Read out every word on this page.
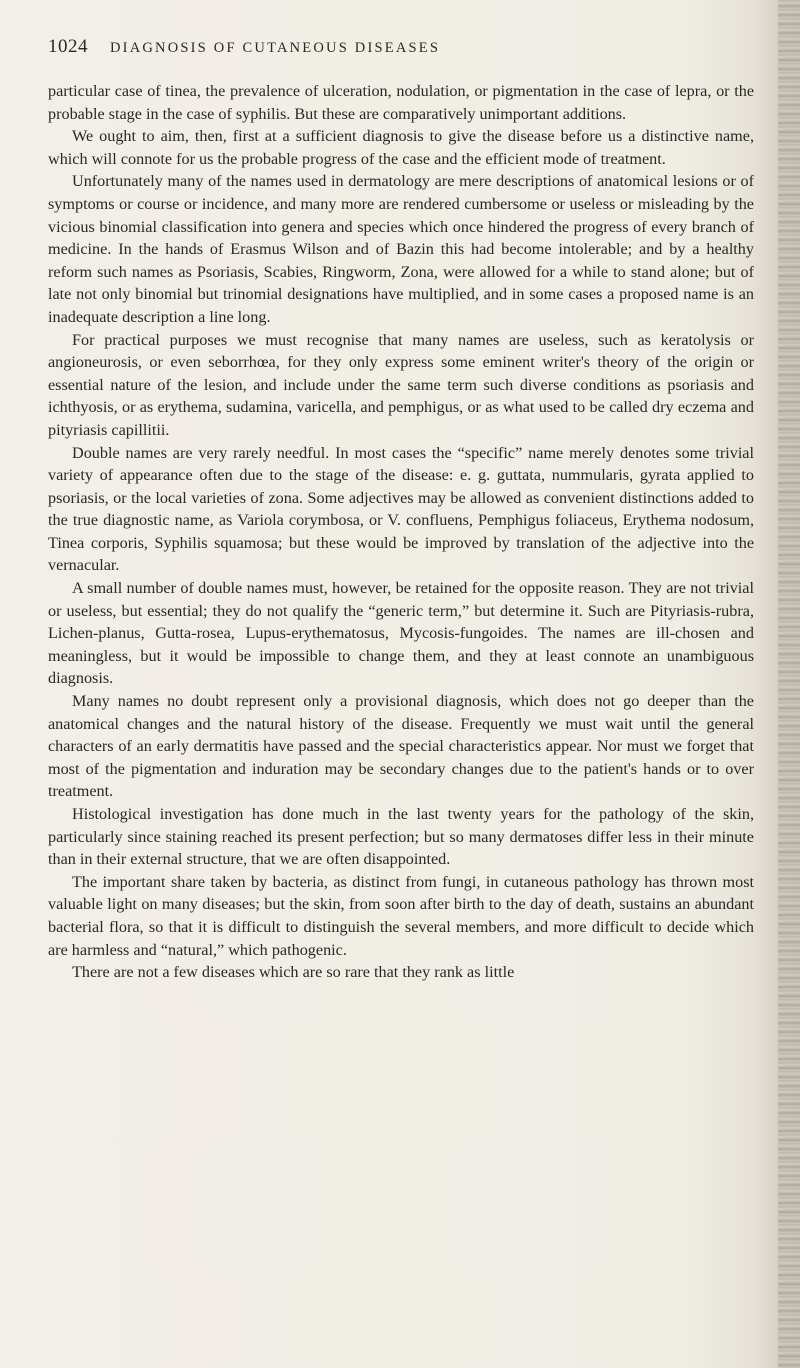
1024 DIAGNOSIS OF CUTANEOUS DISEASES

particular case of tinea, the prevalence of ulceration, nodulation, or pigmentation in the case of lepra, or the probable stage in the case of syphilis. But these are comparatively unimportant additions.

We ought to aim, then, first at a sufficient diagnosis to give the disease before us a distinctive name, which will connote for us the probable progress of the case and the efficient mode of treatment.

Unfortunately many of the names used in dermatology are mere descriptions of anatomical lesions or of symptoms or course or incidence, and many more are rendered cumbersome or useless or misleading by the vicious binomial classification into genera and species which once hindered the progress of every branch of medicine. In the hands of Erasmus Wilson and of Bazin this had become intolerable; and by a healthy reform such names as Psoriasis, Scabies, Ringworm, Zona, were allowed for a while to stand alone; but of late not only binomial but trinomial designations have multiplied, and in some cases a proposed name is an inadequate description a line long.

For practical purposes we must recognise that many names are useless, such as keratolysis or angioneurosis, or even seborrhœa, for they only express some eminent writer's theory of the origin or essential nature of the lesion, and include under the same term such diverse conditions as psoriasis and ichthyosis, or as erythema, sudamina, varicella, and pemphigus, or as what used to be called dry eczema and pityriasis capillitii.

Double names are very rarely needful. In most cases the “specific” name merely denotes some trivial variety of appearance often due to the stage of the disease: e. g. guttata, nummularis, gyrata applied to psoriasis, or the local varieties of zona. Some adjectives may be allowed as convenient distinctions added to the true diagnostic name, as Variola corymbosa, or V. confluens, Pemphigus foliaceus, Erythema nodosum, Tinea corporis, Syphilis squamosa; but these would be improved by translation of the adjective into the vernacular.

A small number of double names must, however, be retained for the opposite reason. They are not trivial or useless, but essential; they do not qualify the “generic term,” but determine it. Such are Pityriasis-rubra, Lichen-planus, Gutta-rosea, Lupus-erythematosus, Mycosis-fungoides. The names are ill-chosen and meaningless, but it would be impossible to change them, and they at least connote an unambiguous diagnosis.

Many names no doubt represent only a provisional diagnosis, which does not go deeper than the anatomical changes and the natural history of the disease. Frequently we must wait until the general characters of an early dermatitis have passed and the special characteristics appear. Nor must we forget that most of the pigmentation and induration may be secondary changes due to the patient's hands or to over treatment.

Histological investigation has done much in the last twenty years for the pathology of the skin, particularly since staining reached its present perfection; but so many dermatoses differ less in their minute than in their external structure, that we are often disappointed.

The important share taken by bacteria, as distinct from fungi, in cutaneous pathology has thrown most valuable light on many diseases; but the skin, from soon after birth to the day of death, sustains an abundant bacterial flora, so that it is difficult to distinguish the several members, and more difficult to decide which are harmless and “natural,” which pathogenic.

There are not a few diseases which are so rare that they rank as little
